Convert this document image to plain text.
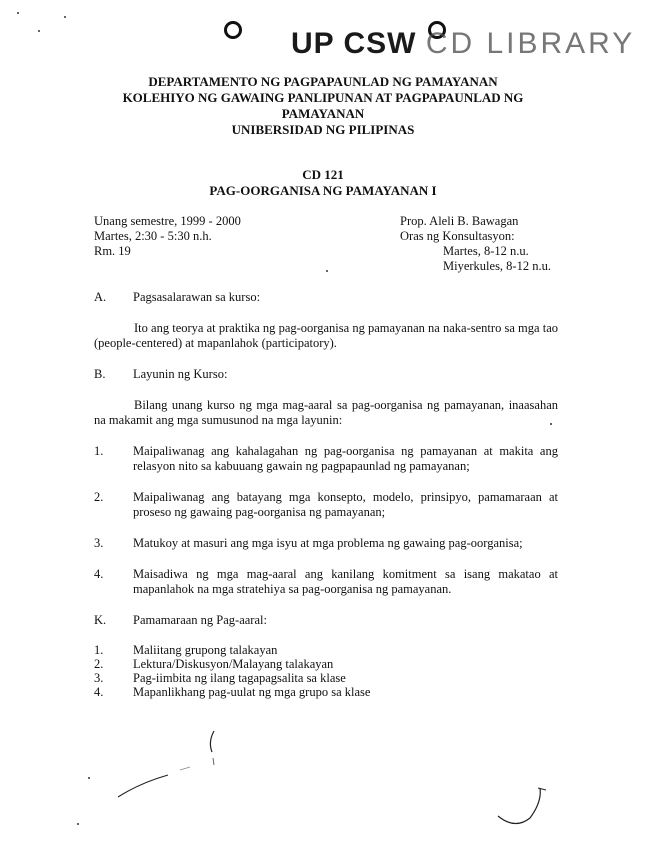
UP CSW CD LIBRARY
DEPARTAMENTO NG PAGPAPAUNLAD NG PAMAYANAN
KOLEHIYO NG GAWAING PANLIPUNAN AT PAGPAPAUNLAD NG
PAMAYANAN
UNIBERSIDAD NG PILIPINAS
CD 121
PAG-OORGANISA NG PAMAYANAN I
Unang semestre, 1999 - 2000
Martes, 2:30 - 5:30 n.h.
Rm. 19
Prop. Aleli B. Bawagan
Oras ng Konsultasyon:
Martes, 8-12 n.u.
Miyerkules, 8-12 n.u.
A. Pagsasalarawan sa kurso:
Ito ang teorya at praktika ng pag-oorganisa ng pamayanan na naka-sentro sa mga tao (people-centered) at mapanlahok (participatory).
B. Layunin ng Kurso:
Bilang unang kurso ng mga mag-aaral sa pag-oorganisa ng pamayanan, inaasahan na makamit ang mga sumusunod na mga layunin:
1. Maipaliwanag ang kahalagahan ng pag-oorganisa ng pamayanan at makita ang relasyon nito sa kabuuang gawain ng pagpapaunlad ng pamayanan;
2. Maipaliwanag ang batayang mga konsepto, modelo, prinsipyo, pamamaraan at proseso ng gawaing pag-oorganisa ng pamayanan;
3. Matukoy at masuri ang mga isyu at mga problema ng gawaing pag-oorganisa;
4. Maisadiwa ng mga mag-aaral ang kanilang komitment sa isang makatao at mapanlahok na mga stratehiya sa pag-oorganisa ng pamayanan.
K. Pamamaraan ng Pag-aaral:
1. Maliitang grupong talakayan
2. Lektura/Diskusyon/Malayang talakayan
3. Pag-iimbita ng ilang tagapagsalita sa klase
4. Mapanlikhang pag-uulat ng mga grupo sa klase
